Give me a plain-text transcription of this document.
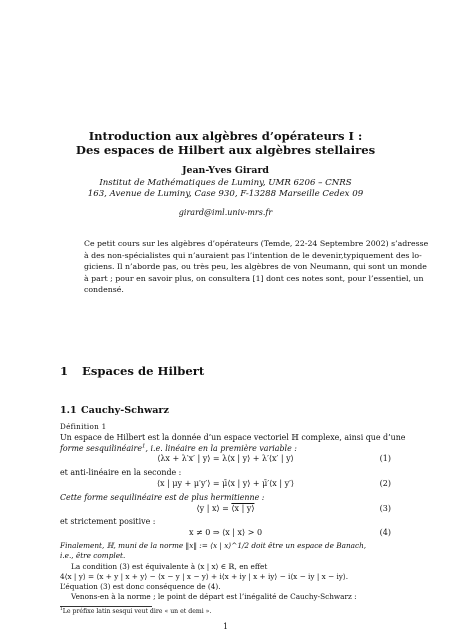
Introduction aux algèbres d’opérateurs I :
Des espaces de Hilbert aux algèbres stellaires
Jean-Yves Girard
Institut de Mathématiques de Luminy, UMR 6206 – CNRS
163, Avenue de Luminy, Case 930, F-13288 Marseille Cedex 09
girard@iml.univ-mrs.fr
Ce petit cours sur les algèbres d’opérateurs (Temde, 22-24 Septembre 2002) s’adresse
à des non-spécialistes qui n’auraient pas l’intention de le devenir,typiquement des lo-
giciens. Il n’aborde pas, ou très peu, les algèbres de von Neumann, qui sont un monde
à part ; pour en savoir plus, on consultera [1] dont ces notes sont, pour l’essentiel, un
condensé.
1 Espaces de Hilbert
1.1 Cauchy-Schwarz
Définition 1
Un espace de Hilbert est la donnée d’un espace vectoriel ℍ complexe, ainsi que d’une
forme sesquilinéaire$^1$, i.e. linéaire en la première variable :
⟨λx + λ′x′ | y⟩ = λ⟨x | y⟩ + λ′⟨x′ | y⟩	(1)
et anti-linéaire en la seconde :
⟨x | μy + μ′y′⟩ = μ̄⟨x | y⟩ + μ̄′⟨x | y′⟩	(2)
Cette forme sequilinéaire est de plus hermitienne :
⟨y | x⟩ = ⟨x | y⟩	(3)
et strictement positive :
x ≠ 0 ⇒ ⟨x | x⟩ > 0	(4)
$^1$Le préfixe latin sesqui veut dire « un et demi ».
1
Finalement, ℍ, muni de la norme ‖x‖ := ⟨x | x⟩^1/2 doit être un espace de Banach,
i.e., être complet.
La condition (3) est équivalente à ⟨x | x⟩ ∈ ℝ, en effet
4⟨x | y⟩ = ⟨x + y | x + y⟩ − ⟨x − y | x − y⟩ + i⟨x + iy | x + iy⟩ − i⟨x − iy | x − iy⟩.
L’équation (3) est donc conséquence de (4).
Venons-en à la norme ; le point de départ est l’inégalité de Cauchy-Schwarz :
